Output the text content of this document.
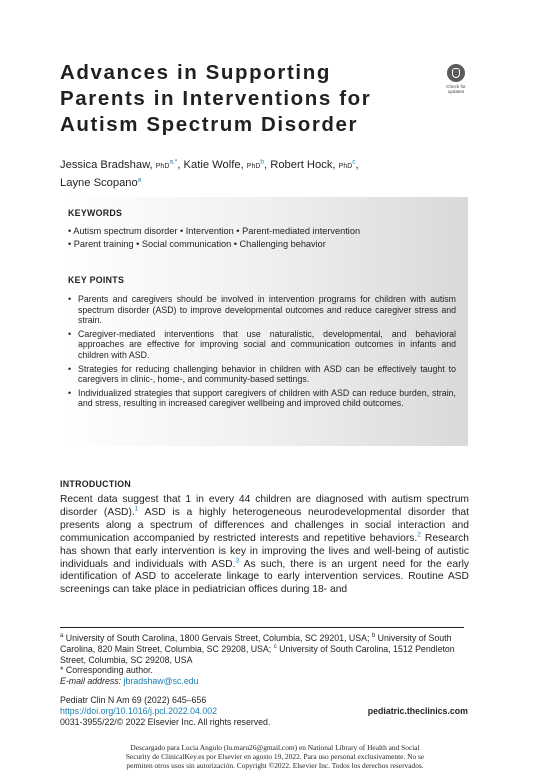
Advances in Supporting
Parents in Interventions for
Autism Spectrum Disorder
Check for
updates
Jessica Bradshaw, PhD$^{a,*}$, Katie Wolfe, PhD$^b$, Robert Hock, PhD$^c$,
Layne Scopano$^a$
KEYWORDS
• Autism spectrum disorder • Intervention • Parent-mediated intervention
• Parent training • Social communication • Challenging behavior
KEY POINTS
• Parents and caregivers should be involved in intervention programs for children with autism spectrum disorder (ASD) to improve developmental outcomes and reduce caregiver stress and strain.
• Caregiver-mediated interventions that use naturalistic, developmental, and behavioral approaches are effective for improving social and communication outcomes in infants and children with ASD.
• Strategies for reducing challenging behavior in children with ASD can be effectively taught to caregivers in clinic-, home-, and community-based settings.
• Individualized strategies that support caregivers of children with ASD can reduce burden, strain, and stress, resulting in increased caregiver wellbeing and improved child outcomes.
INTRODUCTION

Recent data suggest that 1 in every 44 children are diagnosed with autism spectrum disorder (ASD).$^1$ ASD is a highly heterogeneous neurodevelopmental disorder that presents along a spectrum of differences and challenges in social interaction and communication accompanied by restricted interests and repetitive behaviors.$^2$ Research has shown that early intervention is key in improving the lives and well-being of autistic individuals and individuals with ASD.$^3$ As such, there is an urgent need for the early identification of ASD to accelerate linkage to early intervention services. Routine ASD screenings can take place in pediatrician offices during 18- and

$^a$ University of South Carolina, 1800 Gervais Street, Columbia, SC 29201, USA; $^b$ University of South Carolina, 820 Main Street, Columbia, SC 29208, USA; $^c$ University of South Carolina, 1512 Pendleton Street, Columbia, SC 29208, USA
* Corresponding author.
E-mail address: jbradshaw@sc.edu
Pediatr Clin N Am 69 (2022) 645–656
https://doi.org/10.1016/j.pcl.2022.04.002
0031-3955/22/© 2022 Elsevier Inc. All rights reserved.
pediatric.theclinics.com
Descargado para Lucia Angulo (lu.maru26@gmail.com) en National Library of Health and Social
Security de ClinicalKey.es por Elsevier en agosto 19, 2022. Para uso personal exclusivamente. No se
permiten otros usos sin autorización. Copyright ©2022. Elsevier Inc. Todos los derechos reservados.
